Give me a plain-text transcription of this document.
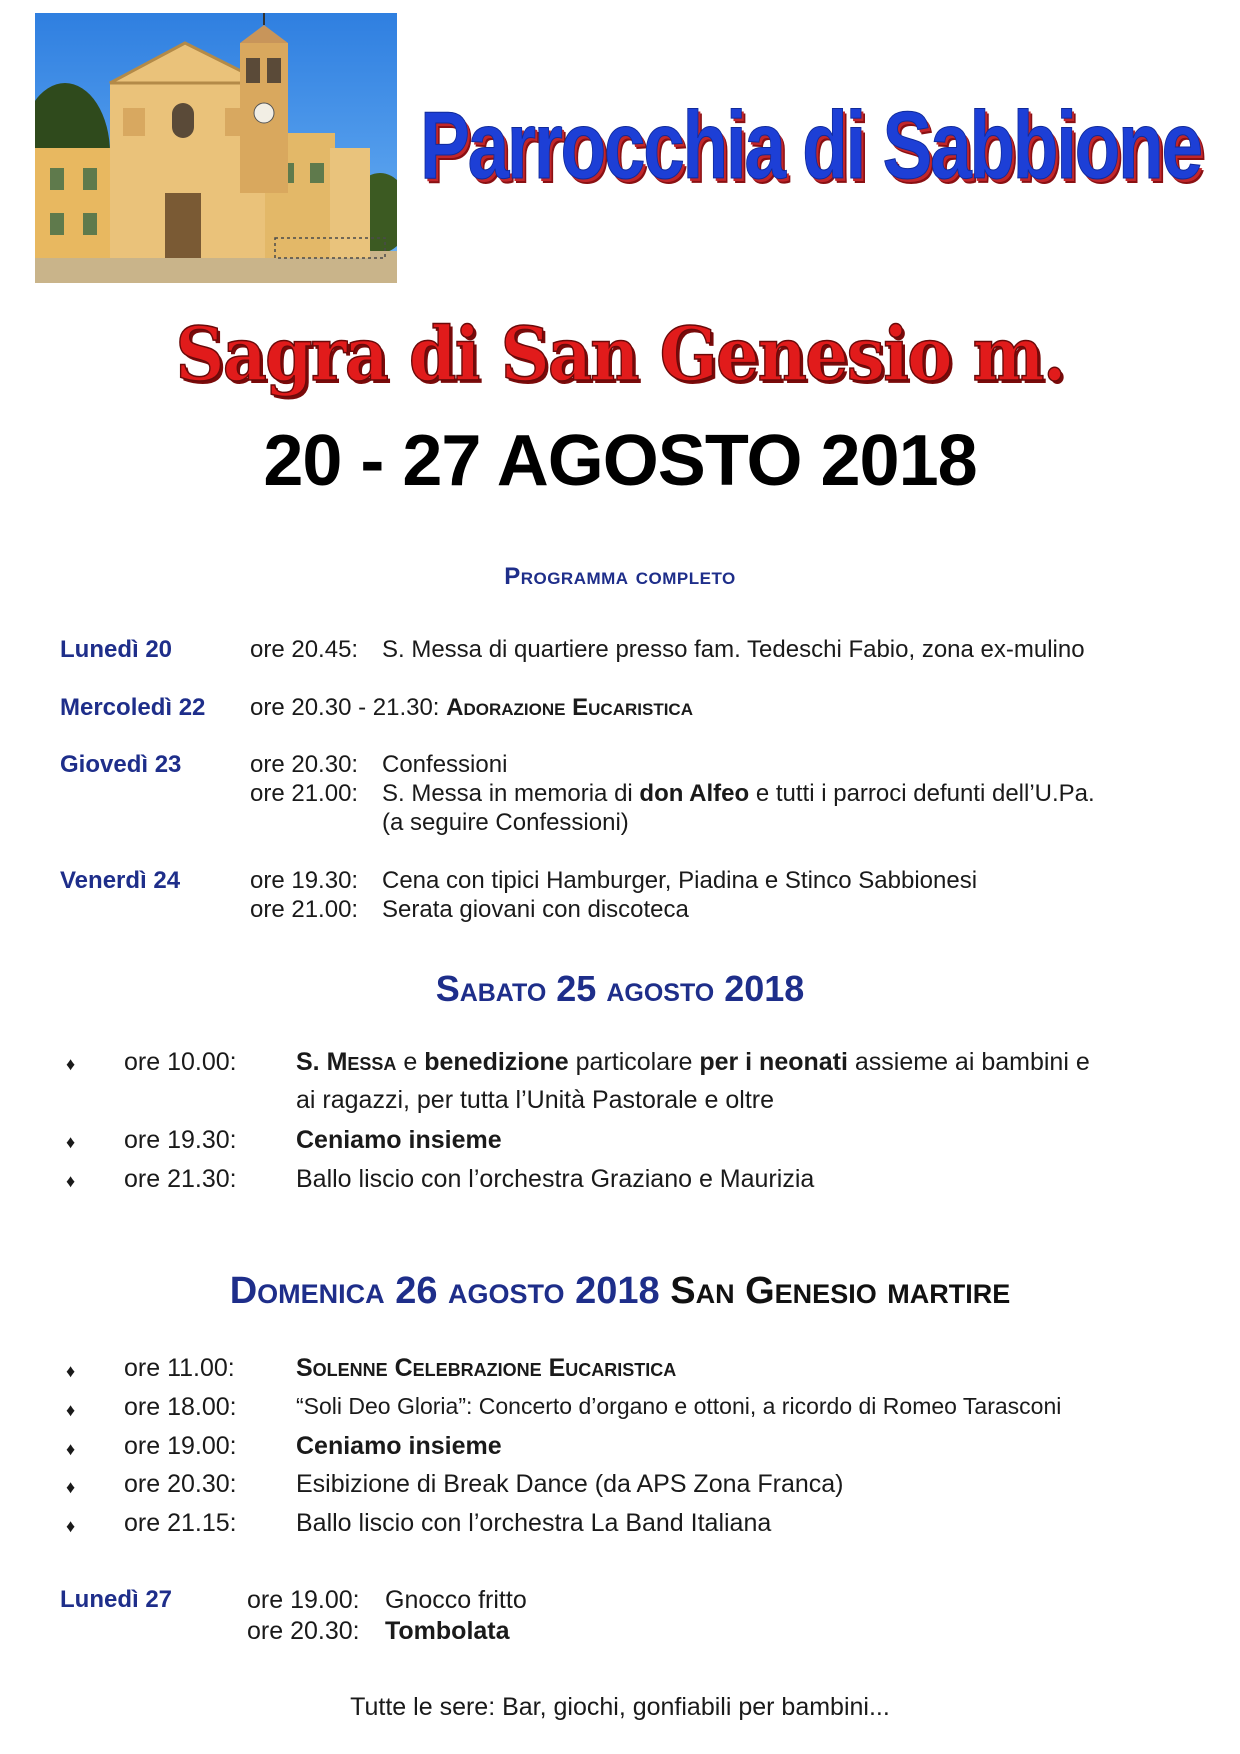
Parrocchia di Sabbione
Sagra di San Genesio m.
20 - 27 AGOSTO 2018
Programma completo
Lunedì 20	ore 20.45: S. Messa di quartiere presso fam. Tedeschi Fabio, zona ex-mulino
Mercoledì 22 ore 20.30 - 21.30: Adorazione Eucaristica
Giovedì 23	ore 20.30: Confessioni
ore 21.00: S. Messa in memoria di don Alfeo e tutti i parroci defunti dell’U.Pa.
(a seguire Confessioni)
Venerdì 24	ore 19.30: Cena con tipici Hamburger, Piadina e Stinco Sabbionesi
ore 21.00: Serata giovani con discoteca
Sabato 25 agosto 2018
♦ ore 10.00: S. Messa e benedizione particolare per i neonati assieme ai bambini e
ai ragazzi, per tutta l’Unità Pastorale e oltre
♦ ore 19.30: Ceniamo insieme
♦ ore 21.30: Ballo liscio con l’orchestra Graziano e Maurizia
Domenica 26 agosto 2018 San Genesio martire
♦ ore 11.00: Solenne Celebrazione Eucaristica
♦ ore 18.00:	“Soli Deo Gloria”: Concerto d’organo e ottoni, a ricordo di Romeo Tarasconi
♦ ore 19.00: Ceniamo insieme
♦ ore 20.30: Esibizione di Break Dance (da APS Zona Franca)
♦ ore 21.15: Ballo liscio con l’orchestra La Band Italiana
Lunedì 27	ore 19.00: Gnocco fritto
ore 20.30: Tombolata
Tutte le sere: Bar, giochi, gonfiabili per bambini...
